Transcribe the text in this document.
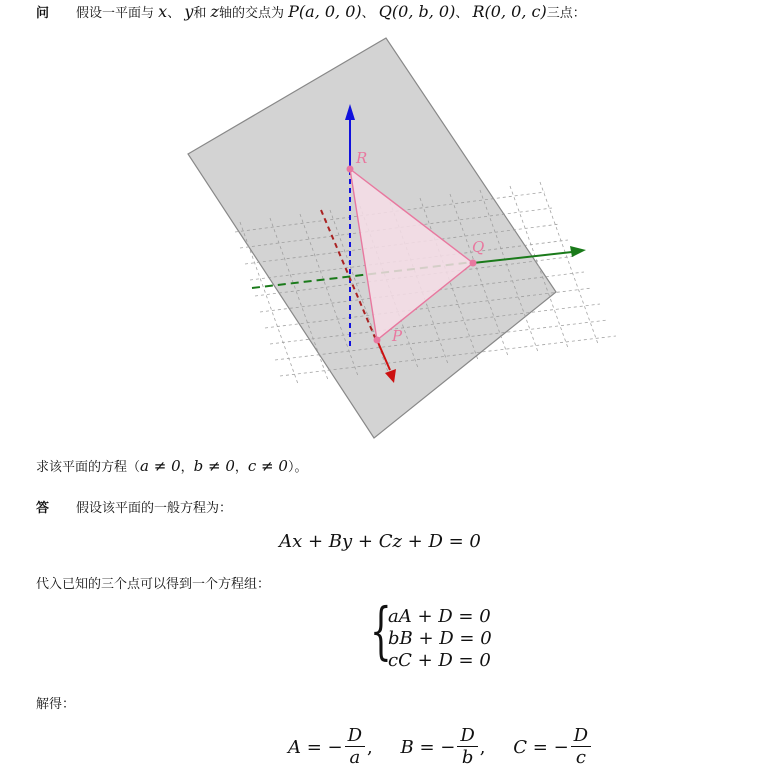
问 假设一平面与 x、 y和 z轴的交点为 P(a, 0, 0)、 Q(0, b, 0)、 R(0, 0, c)三点：
R
Q
P
求该平面的方程（a ≠ 0，b ≠ 0，c ≠ 0）。
答 假设该平面的一般方程为：
Ax + By + Cz + D = 0
代入已知的三个点可以得到一个方程组：
{
aA + D = 0
bB + D = 0
cC + D = 0
解得：
A = − $\frac{D}{a}$ ,
B = − $\frac{D}{b}$ ,
C = − $\frac{D}{c}$
